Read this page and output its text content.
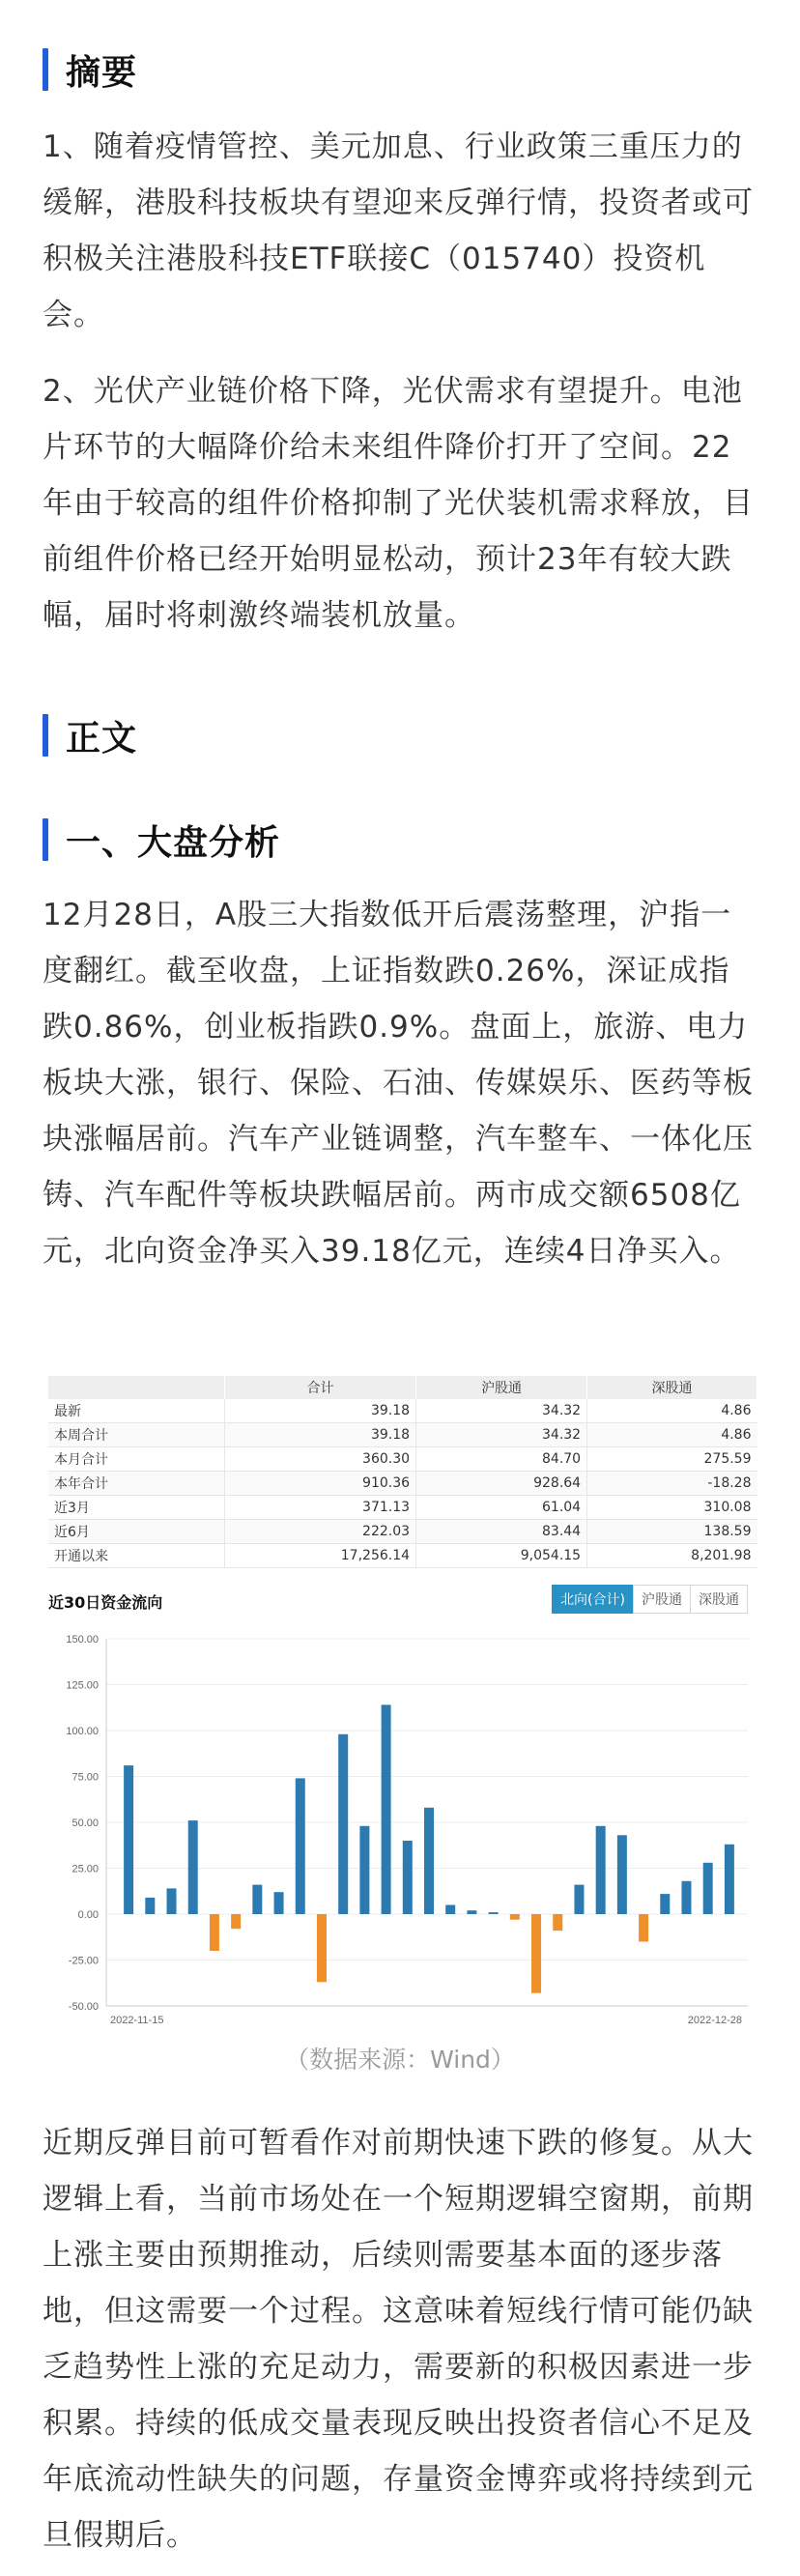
摘要

1、随着疫情管控、美元加息、行业政策三重压力的缓解，港股科技板块有望迎来反弹行情，投资者或可积极关注港股科技ETF联接C（015740）投资机会。

2、光伏产业链价格下降，光伏需求有望提升。电池片环节的大幅降价给未来组件降价打开了空间。22年由于较高的组件价格抑制了光伏装机需求释放，目前组件价格已经开始明显松动，预计23年有较大跌幅，届时将刺激终端装机放量。

正文
一、大盘分析

12月28日，A股三大指数低开后震荡整理，沪指一度翻红。截至收盘，上证指数跌0.26%，深证成指跌0.86%，创业板指跌0.9%。盘面上，旅游、电力板块大涨，银行、保险、石油、传媒娱乐、医药等板块涨幅居前。汽车产业链调整，汽车整车、一体化压铸、汽车配件等板块跌幅居前。两市成交额6508亿元，北向资金净买入39.18亿元，连续4日净买入。

	合计	沪股通	深股通
最新	39.18	34.32	4.86
本周合计	39.18	34.32	4.86
本月合计	360.30	84.70	275.59
本年合计	910.36	928.64	-18.28
近3月	371.13	61.04	310.08
近6月	222.03	83.44	138.59
开通以来	17,256.14	9,054.15	8,201.98
近30日资金流向	北向(合计)	沪股通	深股通
150.00
125.00
100.00
75.00
50.00
25.00
0.00
-25.00
-50.00
2022-11-15	2022-12-28
（数据来源：Wind）

近期反弹目前可暂看作对前期快速下跌的修复。从大逻辑上看，当前市场处在一个短期逻辑空窗期，前期上涨主要由预期推动，后续则需要基本面的逐步落地，但这需要一个过程。这意味着短线行情可能仍缺乏趋势性上涨的充足动力，需要新的积极因素进一步积累。持续的低成交量表现反映出投资者信心不足及年底流动性缺失的问题，存量资金博弈或将持续到元旦假期后。
